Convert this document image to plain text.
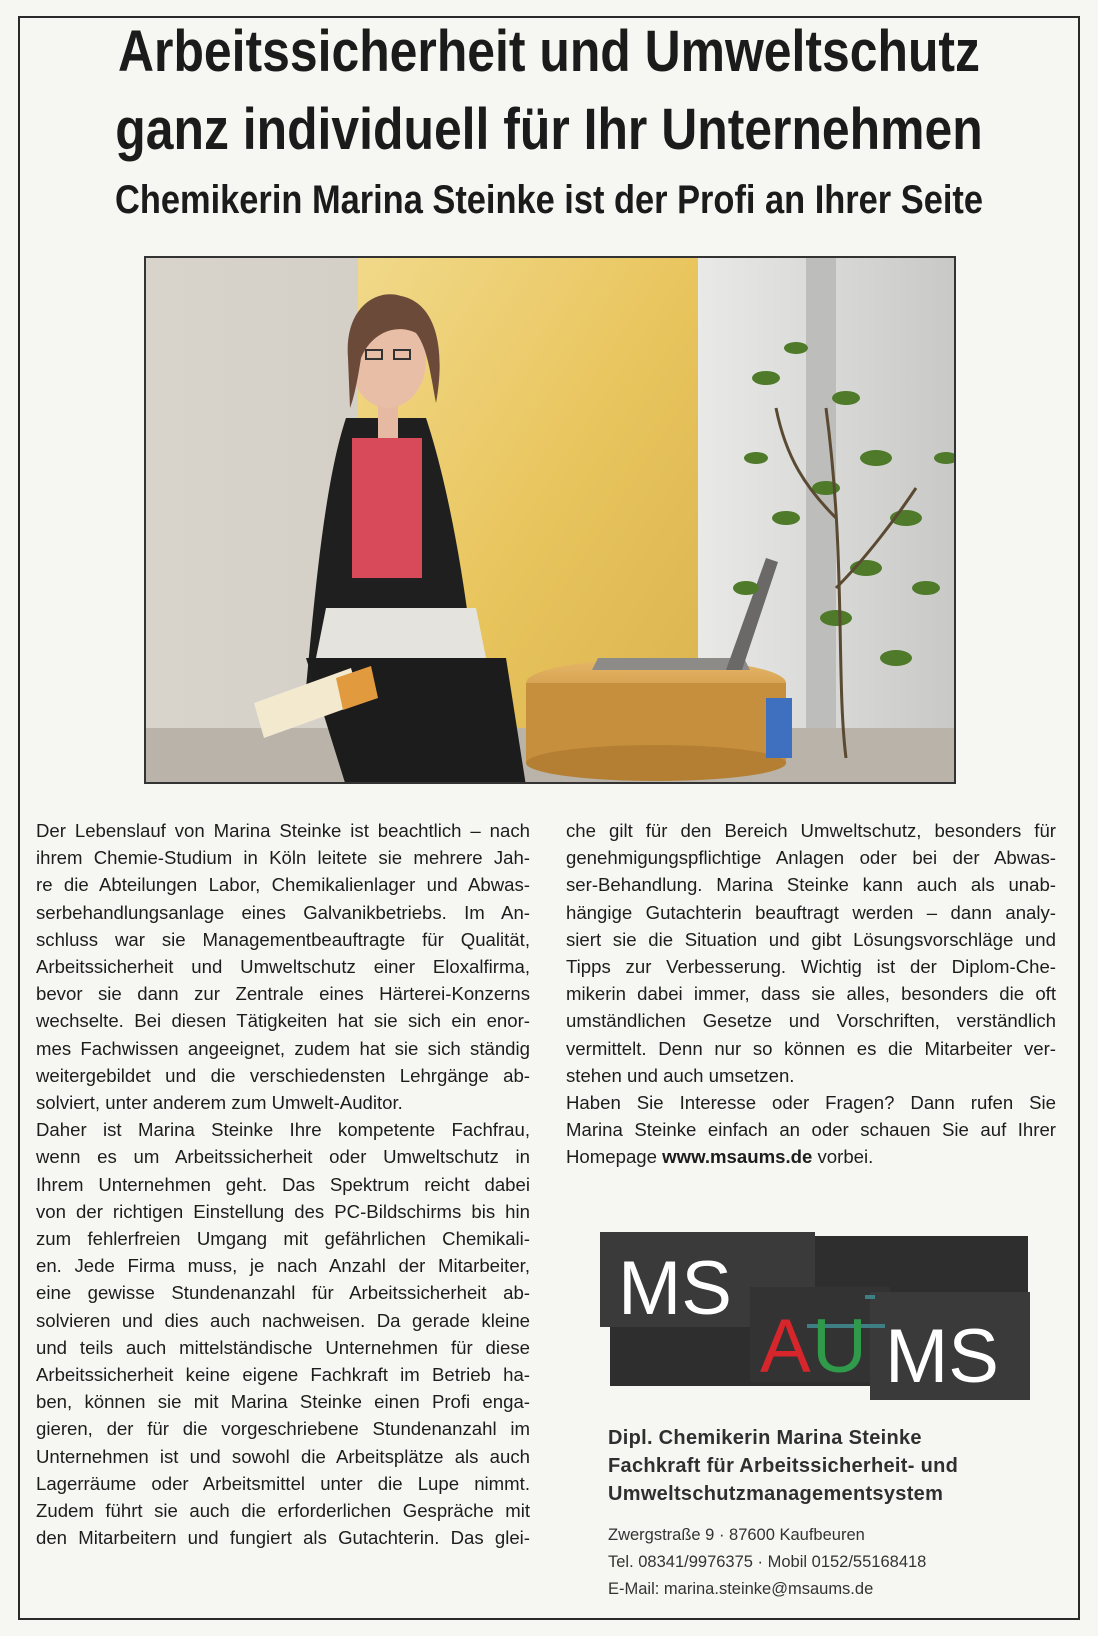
Arbeitssicherheit und Umweltschutz
ganz individuell für Ihr Unternehmen
Chemikerin Marina Steinke ist der Profi an Ihrer Seite
Der Lebenslauf von Marina Steinke ist beachtlich – nach
ihrem Chemie-Studium in Köln leitete sie mehrere Jah-
re die Abteilungen Labor, Chemikalienlager und Abwas-
serbehandlungsanlage eines Galvanikbetriebs. Im An-
schluss war sie Managementbeauftragte für Qualität,
Arbeitssicherheit und Umweltschutz einer Eloxalfirma,
bevor sie dann zur Zentrale eines Härterei-Konzerns
wechselte. Bei diesen Tätigkeiten hat sie sich ein enor-
mes Fachwissen angeeignet, zudem hat sie sich ständig
weitergebildet und die verschiedensten Lehrgänge ab-
solviert, unter anderem zum Umwelt-Auditor.
Daher ist Marina Steinke Ihre kompetente Fachfrau,
wenn es um Arbeitssicherheit oder Umweltschutz in
Ihrem Unternehmen geht. Das Spektrum reicht dabei
von der richtigen Einstellung des PC-Bildschirms bis hin
zum fehlerfreien Umgang mit gefährlichen Chemikali-
en. Jede Firma muss, je nach Anzahl der Mitarbeiter,
eine gewisse Stundenanzahl für Arbeitssicherheit ab-
solvieren und dies auch nachweisen. Da gerade kleine
und teils auch mittelständische Unternehmen für diese
Arbeitssicherheit keine eigene Fachkraft im Betrieb ha-
ben, können sie mit Marina Steinke einen Profi enga-
gieren, der für die vorgeschriebene Stundenanzahl im
Unternehmen ist und sowohl die Arbeitsplätze als auch
Lagerräume oder Arbeitsmittel unter die Lupe nimmt.
Zudem führt sie auch die erforderlichen Gespräche mit
den Mitarbeitern und fungiert als Gutachterin. Das glei-
che gilt für den Bereich Umweltschutz, besonders für
genehmigungspflichtige Anlagen oder bei der Abwas-
ser-Behandlung. Marina Steinke kann auch als unab-
hängige Gutachterin beauftragt werden – dann analy-
siert sie die Situation und gibt Lösungsvorschläge und
Tipps zur Verbesserung. Wichtig ist der Diplom-Che-
mikerin dabei immer, dass sie alles, besonders die oft
umständlichen Gesetze und Vorschriften, verständlich
vermittelt. Denn nur so können es die Mitarbeiter ver-
stehen und auch umsetzen.
Haben Sie Interesse oder Fragen? Dann rufen Sie
Marina Steinke einfach an oder schauen Sie auf Ihrer
Homepage www.msaums.de vorbei.
MS
A U MS
Dipl. Chemikerin Marina Steinke
Fachkraft für Arbeitssicherheit- und
Umweltschutzmanagementsystem
Zwergstraße 9 · 87600 Kaufbeuren
Tel. 08341/9976375 · Mobil 0152/55168418
E-Mail: marina.steinke@msaums.de
